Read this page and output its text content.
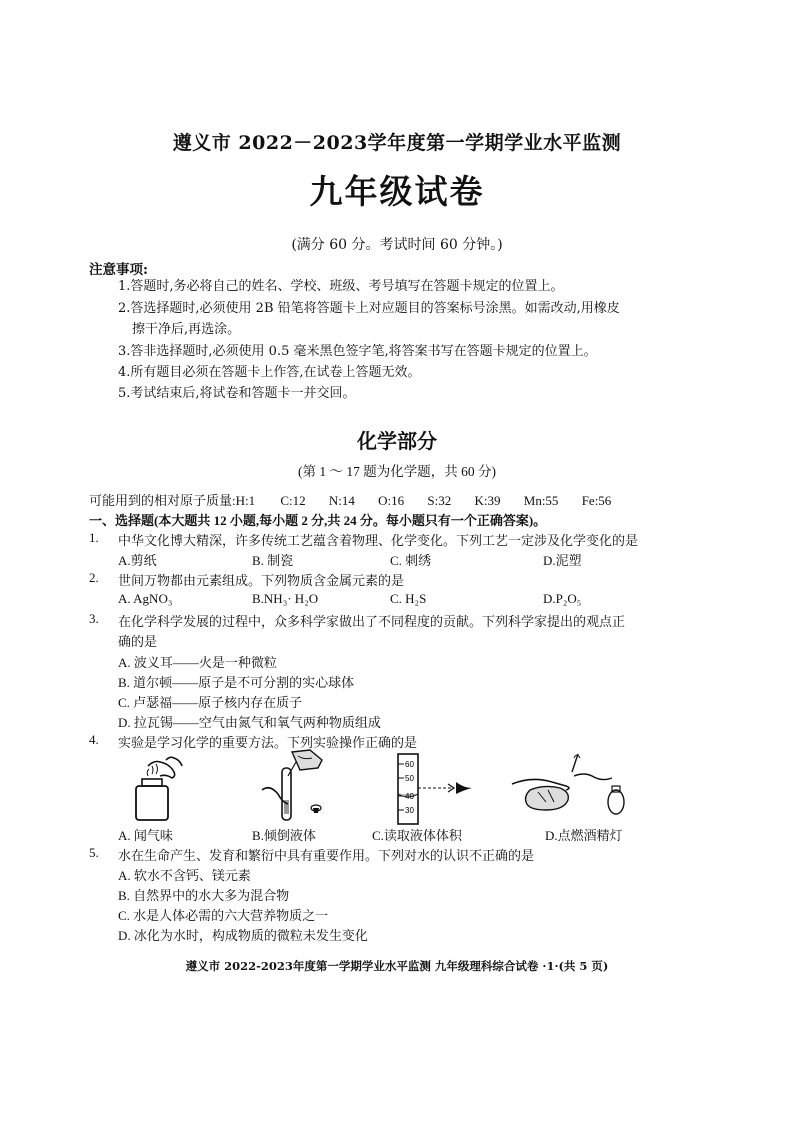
遵义市 2022－2023学年度第一学期学业水平监测
九年级试卷
(满分 60 分。考试时间 60 分钟。)
注意事项:
1.答题时,务必将自己的姓名、学校、班级、考号填写在答题卡规定的位置上。
2.答选择题时,必须使用 2B 铅笔将答题卡上对应题目的答案标号涂黑。如需改动,用橡皮
擦干净后,再选涂。
3.答非选择题时,必须使用 0.5 毫米黑色签字笔,将答案书写在答题卡规定的位置上。
4.所有题目必须在答题卡上作答,在试卷上答题无效。
5.考试结束后,将试卷和答题卡一并交回。
化学部分
(第 1 ～ 17 题为化学题，共 60 分)
可能用到的相对原子质量:H:1 C:12 N:14 O:16 S:32 K:39 Mn:55 Fe:56
一、选择题(本大题共 12 小题,每小题 2 分,共 24 分。每小题只有一个正确答案)。
1. 中华文化博大精深，许多传统工艺蕴含着物理、化学变化。下列工艺一定涉及化学变化的是
A.剪纸	B. 制瓷	C. 刺绣	D.泥塑
2. 世间万物都由元素组成。下列物质含金属元素的是
A. AgNO₃	B.NH₃· H₂O	C. H₂S	D.P₂O₅
3. 在化学科学发展的过程中，众多科学家做出了不同程度的贡献。下列科学家提出的观点正
确的是
A. 波义耳——火是一种微粒
B. 道尔顿——原子是不可分割的实心球体
C. 卢瑟福——原子核内存在质子
D. 拉瓦锡——空气由氮气和氧气两种物质组成
4. 实验是学习化学的重要方法。下列实验操作正确的是
60
50
40
30
A. 闻气味	B.倾倒液体	C.读取液体体积	D.点燃酒精灯
5. 水在生命产生、发育和繁衍中具有重要作用。下列对水的认识不正确的是
A. 软水不含钙、镁元素
B. 自然界中的水大多为混合物
C. 水是人体必需的六大营养物质之一
D. 冰化为水时，构成物质的微粒未发生变化
遵义市 2022-2023年度第一学期学业水平监测 九年级理科综合试卷 ·1·(共 5 页)
